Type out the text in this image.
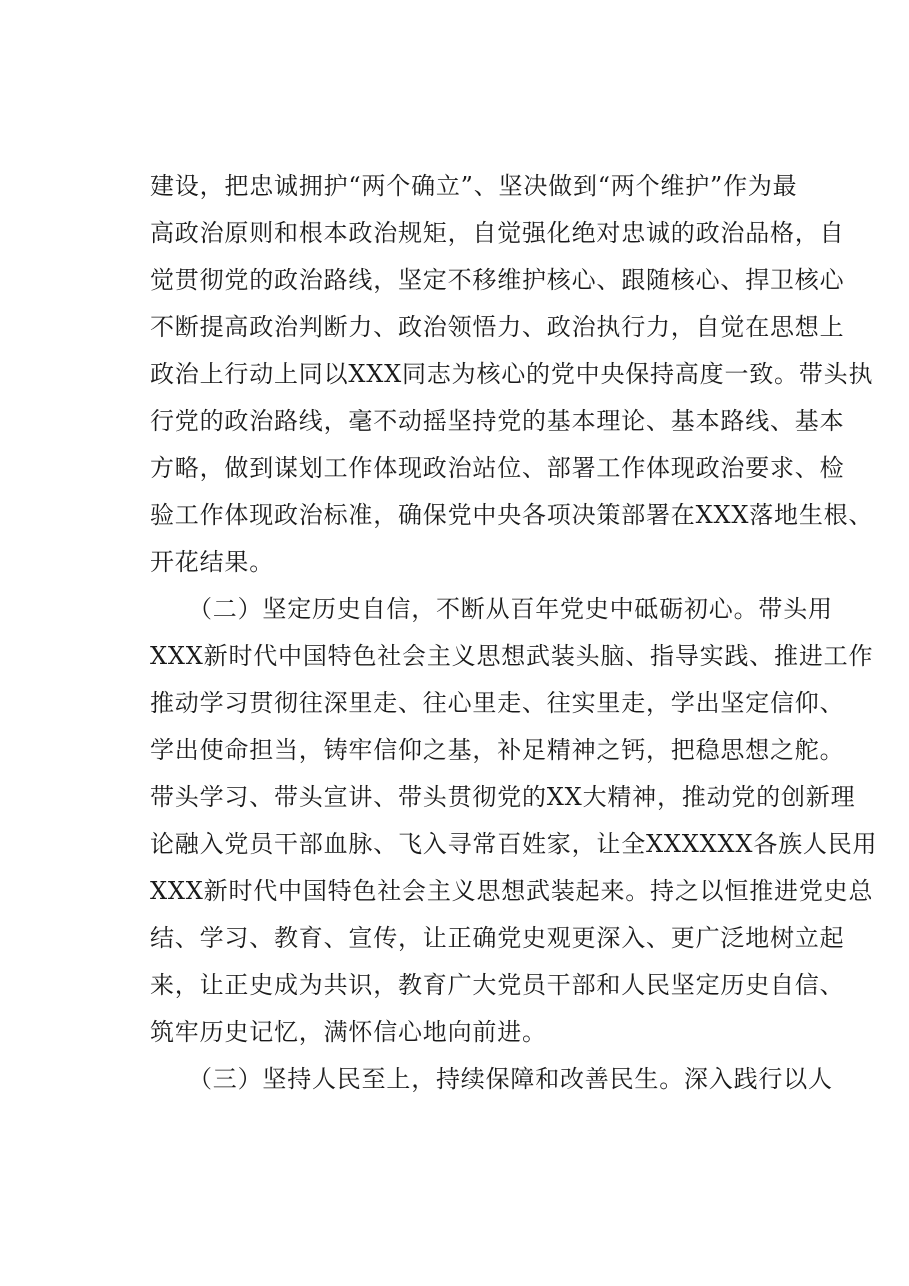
建设，把忠诚拥护“两个确立”、坚决做到“两个维护”作为最
高政治原则和根本政治规矩，自觉强化绝对忠诚的政治品格，自
觉贯彻党的政治路线，坚定不移维护核心、跟随核心、捍卫核心
不断提高政治判断力、政治领悟力、政治执行力，自觉在思想上
政治上行动上同以XXX同志为核心的党中央保持高度一致。带头执
行党的政治路线，毫不动摇坚持党的基本理论、基本路线、基本
方略，做到谋划工作体现政治站位、部署工作体现政治要求、检
验工作体现政治标准，确保党中央各项决策部署在XXX落地生根、
开花结果。
（二）坚定历史自信，不断从百年党史中砥砺初心。带头用
XXX新时代中国特色社会主义思想武装头脑、指导实践、推进工作
推动学习贯彻往深里走、往心里走、往实里走，学出坚定信仰、
学出使命担当，铸牢信仰之基，补足精神之钙，把稳思想之舵。
带头学习、带头宣讲、带头贯彻党的XX大精神，推动党的创新理
论融入党员干部血脉、飞入寻常百姓家，让全XXXXXX各族人民用
XXX新时代中国特色社会主义思想武装起来。持之以恒推进党史总
结、学习、教育、宣传，让正确党史观更深入、更广泛地树立起
来，让正史成为共识，教育广大党员干部和人民坚定历史自信、
筑牢历史记忆，满怀信心地向前进。
（三）坚持人民至上，持续保障和改善民生。深入践行以人
